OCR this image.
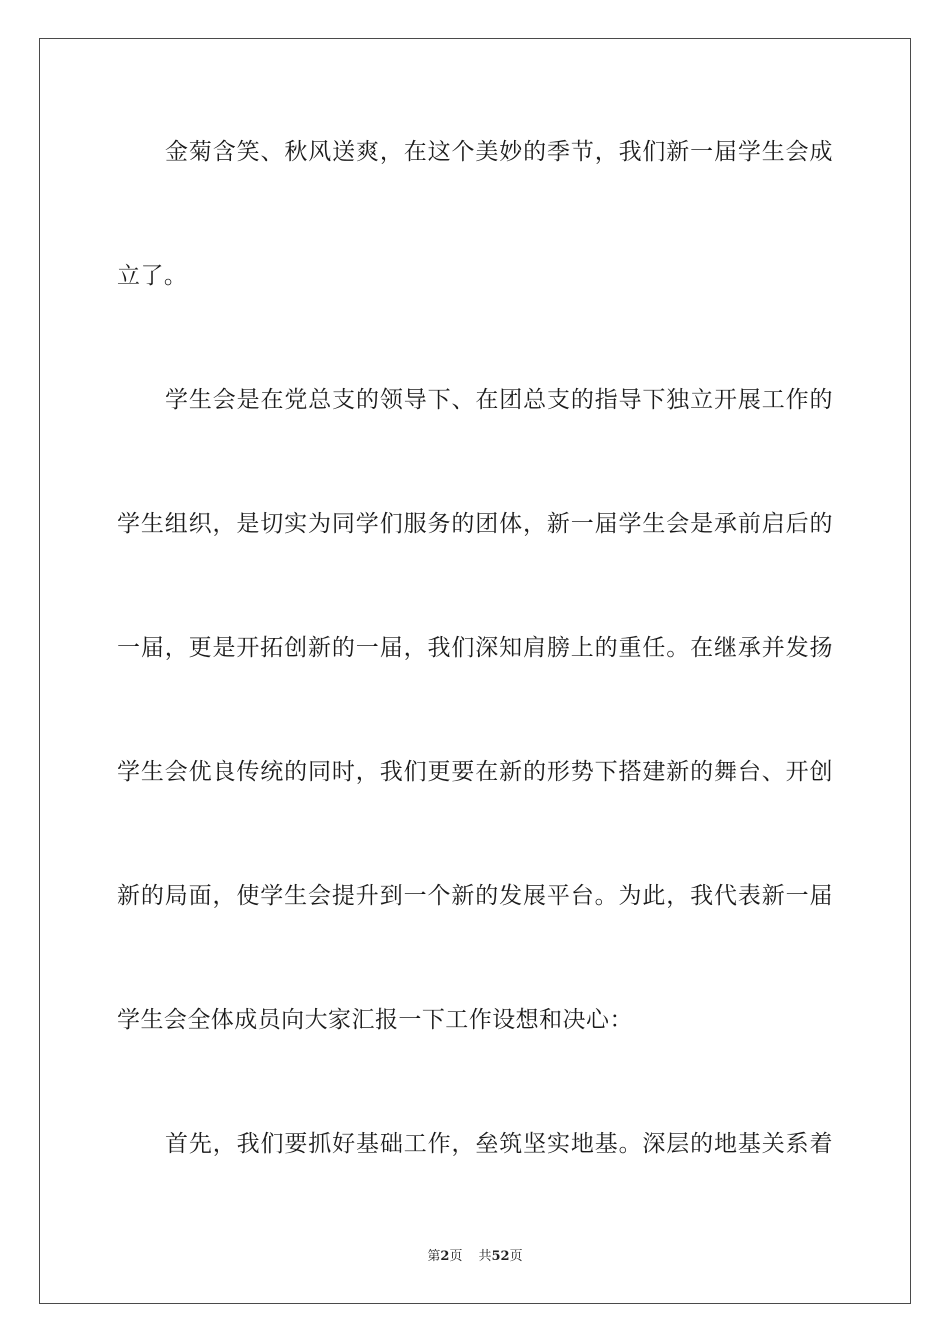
金菊含笑、秋风送爽，在这个美妙的季节，我们新一届学生会成
立了。
学生会是在党总支的领导下、在团总支的指导下独立开展工作的
学生组织，是切实为同学们服务的团体，新一届学生会是承前启后的
一届，更是开拓创新的一届，我们深知肩膀上的重任。在继承并发扬
学生会优良传统的同时，我们更要在新的形势下搭建新的舞台、开创
新的局面，使学生会提升到一个新的发展平台。为此，我代表新一届
学生会全体成员向大家汇报一下工作设想和决心：
首先，我们要抓好基础工作，垒筑坚实地基。深层的地基关系着
第2页 共52页
